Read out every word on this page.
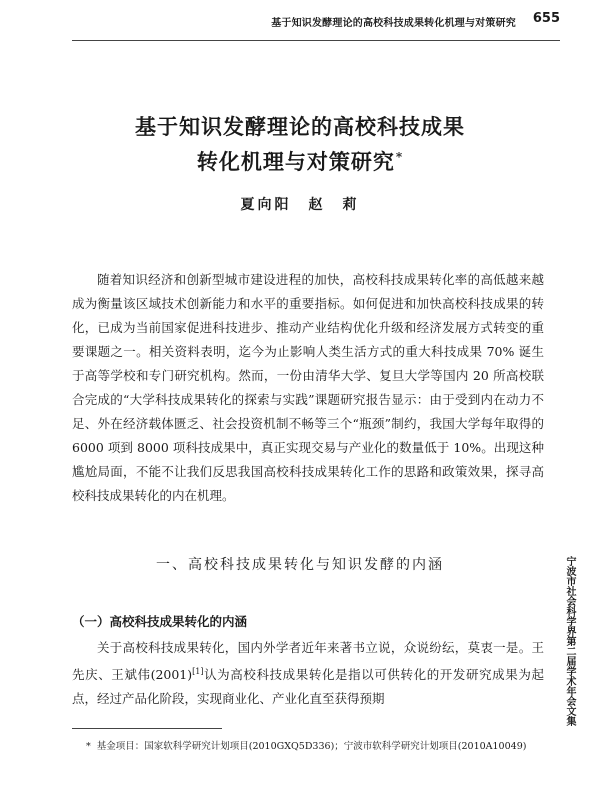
基于知识发酵理论的高校科技成果转化机理与对策研究 655
基于知识发酵理论的高校科技成果
转化机理与对策研究*
夏向阳　赵　莉

随着知识经济和创新型城市建设进程的加快，高校科技成果转化率的高低越来越成为衡量该区域技术创新能力和水平的重要指标。如何促进和加快高校科技成果的转化，已成为当前国家促进科技进步、推动产业结构优化升级和经济发展方式转变的重要课题之一。相关资料表明，迄今为止影响人类生活方式的重大科技成果 70% 诞生于高等学校和专门研究机构。然而，一份由清华大学、复旦大学等国内 20 所高校联合完成的“大学科技成果转化的探索与实践”课题研究报告显示：由于受到内在动力不足、外在经济载体匮乏、社会投资机制不畅等三个“瓶颈”制约，我国大学每年取得的 6000 项到 8000 项科技成果中，真正实现交易与产业化的数量低于 10%。出现这种尴尬局面，不能不让我们反思我国高校科技成果转化工作的思路和政策效果，探寻高校科技成果转化的内在机理。

一、高校科技成果转化与知识发酵的内涵
（一）高校科技成果转化的内涵

关于高校科技成果转化，国内外学者近年来著书立说，众说纷纭，莫衷一是。王先庆、王斌伟(2001)[1]认为高校科技成果转化是指以可供转化的开发研究成果为起点，经过产品化阶段，实现商业化、产业化直至获得预期

* 基金项目：国家软科学研究计划项目(2010GXQ5D336)；宁波市软科学研究计划项目(2010A10049)
宁波市社会科学界第二届学术年会文集
